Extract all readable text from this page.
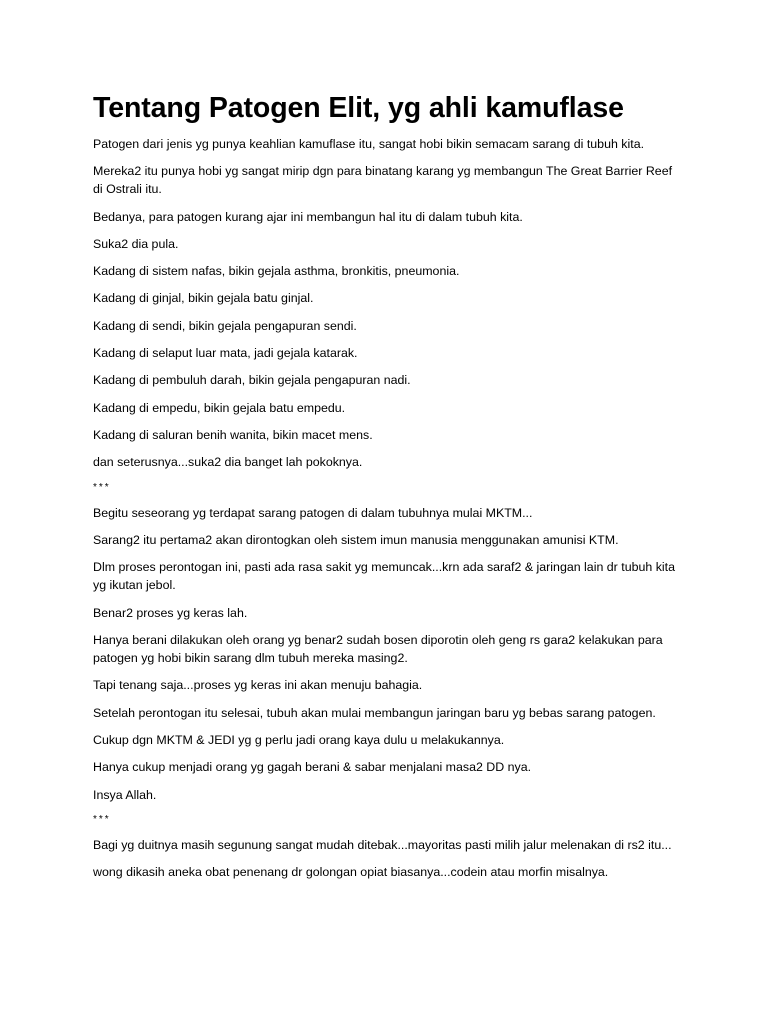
Tentang Patogen Elit, yg ahli kamuflase

Patogen dari jenis yg punya keahlian kamuflase itu, sangat hobi bikin semacam sarang di tubuh kita.

Mereka2 itu punya hobi yg sangat mirip dgn para binatang karang yg membangun The Great Barrier Reef di Ostrali itu.

Bedanya, para patogen kurang ajar ini membangun hal itu di dalam tubuh kita.

Suka2 dia pula.

Kadang di sistem nafas, bikin gejala asthma, bronkitis, pneumonia.

Kadang di ginjal, bikin gejala batu ginjal.

Kadang di sendi, bikin gejala pengapuran sendi.

Kadang di selaput luar mata, jadi gejala katarak.

Kadang di pembuluh darah, bikin gejala pengapuran nadi.

Kadang di empedu, bikin gejala batu empedu.

Kadang di saluran benih wanita, bikin macet mens.

dan seterusnya...suka2 dia banget lah pokoknya.

***

Begitu seseorang yg terdapat sarang patogen di dalam tubuhnya mulai MKTM...

Sarang2 itu pertama2 akan dirontogkan oleh sistem imun manusia menggunakan amunisi KTM.

Dlm proses perontogan ini, pasti ada rasa sakit yg memuncak...krn ada saraf2 & jaringan lain dr tubuh kita yg ikutan jebol.

Benar2 proses yg keras lah.

Hanya berani dilakukan oleh orang yg benar2 sudah bosen diporotin oleh geng rs gara2 kelakukan para patogen yg hobi bikin sarang dlm tubuh mereka masing2.

Tapi tenang saja...proses yg keras ini akan menuju bahagia.

Setelah perontogan itu selesai, tubuh akan mulai membangun jaringan baru yg bebas sarang patogen.

Cukup dgn MKTM & JEDI yg g perlu jadi orang kaya dulu u melakukannya.

Hanya cukup menjadi orang yg gagah berani & sabar menjalani masa2 DD nya.

Insya Allah.

***

Bagi yg duitnya masih segunung sangat mudah ditebak...mayoritas pasti milih jalur melenakan di rs2 itu...

wong dikasih aneka obat penenang dr golongan opiat biasanya...codein atau morfin misalnya.
